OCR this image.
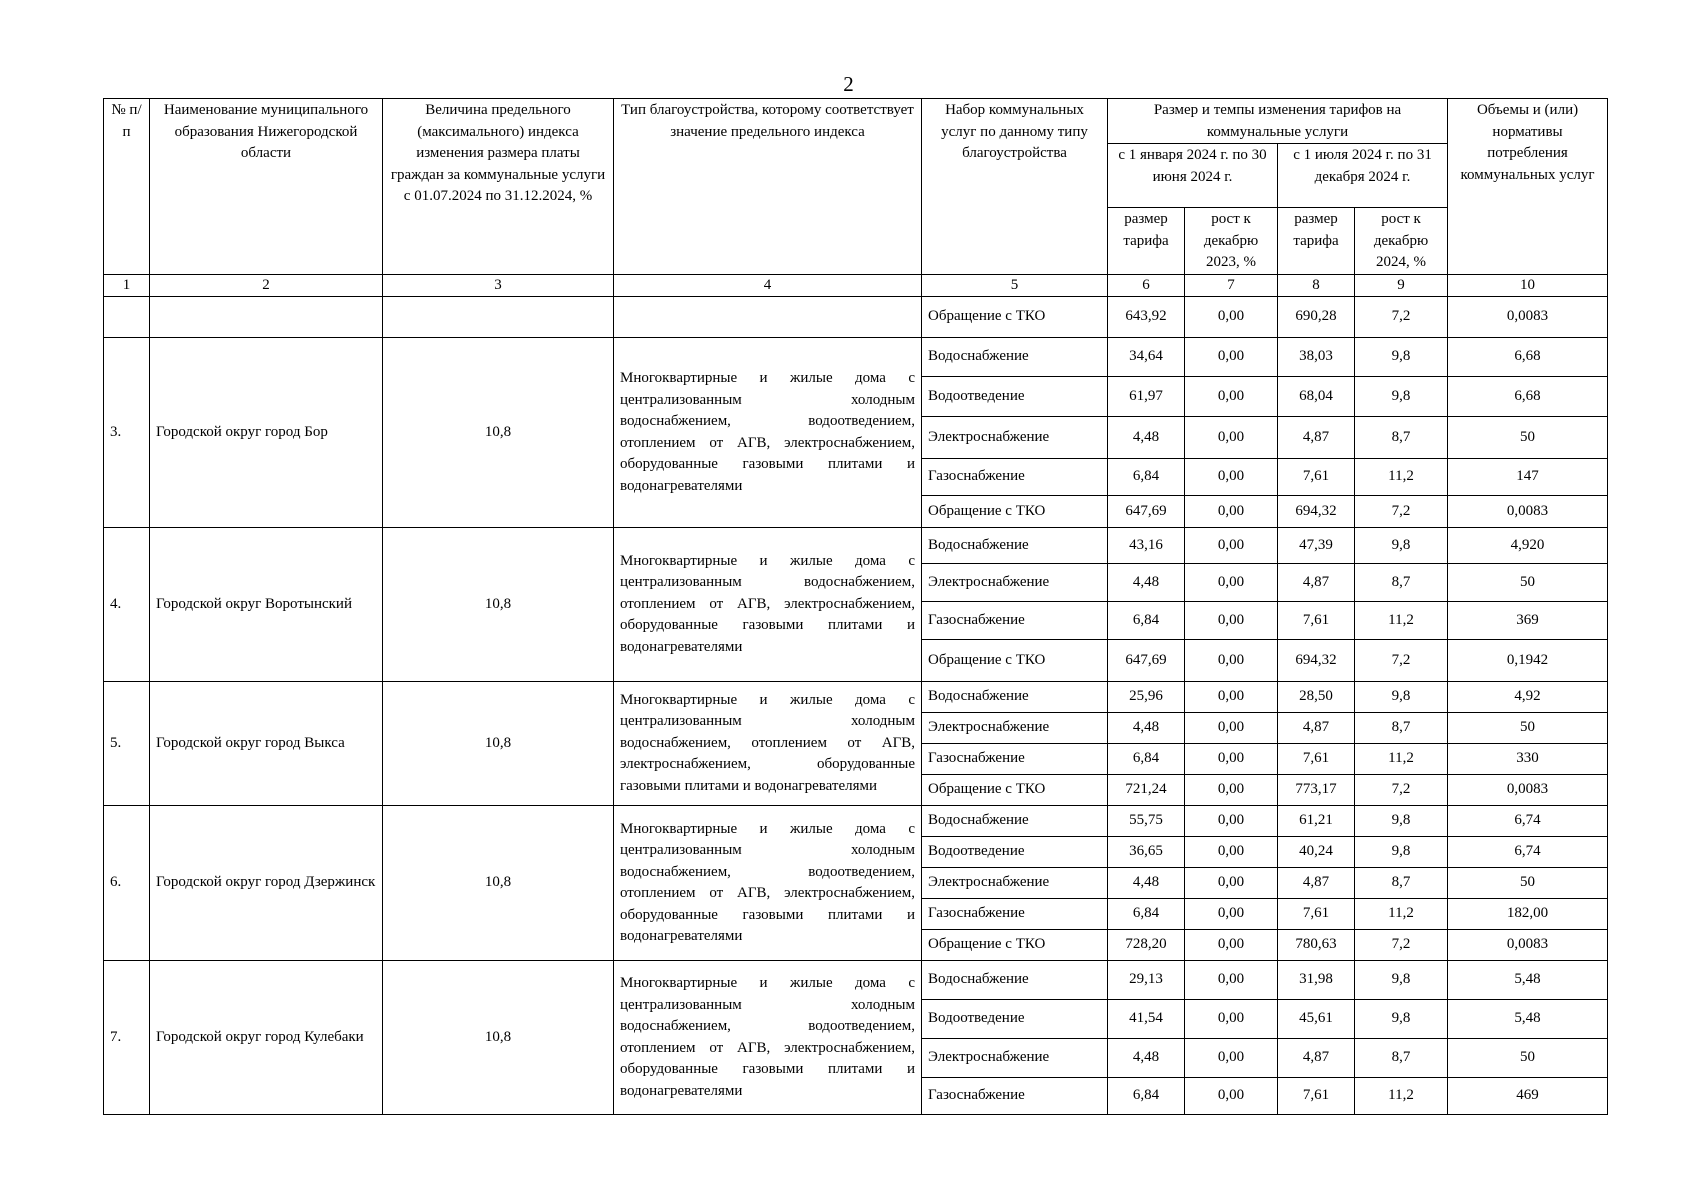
2
№ п/п	Наименование муниципального образования Нижегородской области	Величина предельного (максимального) индекса изменения размера платы граждан за коммунальные услуги с 01.07.2024 по 31.12.2024, %	Тип благоустройства, которому соответствует значение предельного индекса	Набор коммунальных услуг по данному типу благоустройства	Размер и темпы изменения тарифов на коммунальные услуги				Объемы и (или) нормативы потребления коммунальных услуг
					с 1 января 2024 г. по 30 июня 2024 г.		с 1 июля 2024 г. по 31 декабря 2024 г.		
					размер тарифа	рост к декабрю 2023, %	размер тарифа	рост к декабрю 2024, %	
1	2	3	4	5	6	7	8	9	10
				Обращение с ТКО	643,92	0,00	690,28	7,2	0,0083
3.	Городской округ город Бор	10,8	Многоквартирные и жилые дома с централизованным холодным водоснабжением, водоотведением, отоплением от АГВ, электроснабжением, оборудованные газовыми плитами и водонагревателями	Водоснабжение	34,64	0,00	38,03	9,8	6,68
				Водоотведение	61,97	0,00	68,04	9,8	6,68
				Электроснабжение	4,48	0,00	4,87	8,7	50
				Газоснабжение	6,84	0,00	7,61	11,2	147
				Обращение с ТКО	647,69	0,00	694,32	7,2	0,0083
4.	Городской округ Воротынский	10,8	Многоквартирные и жилые дома с централизованным водоснабжением, отоплением от АГВ, электроснабжением, оборудованные газовыми плитами и водонагревателями	Водоснабжение	43,16	0,00	47,39	9,8	4,920
				Электроснабжение	4,48	0,00	4,87	8,7	50
				Газоснабжение	6,84	0,00	7,61	11,2	369
				Обращение с ТКО	647,69	0,00	694,32	7,2	0,1942
5.	Городской округ город Выкса	10,8	Многоквартирные и жилые дома с централизованным холодным водоснабжением, отоплением от АГВ, электроснабжением, оборудованные газовыми плитами и водонагревателями	Водоснабжение	25,96	0,00	28,50	9,8	4,92
				Электроснабжение	4,48	0,00	4,87	8,7	50
				Газоснабжение	6,84	0,00	7,61	11,2	330
				Обращение с ТКО	721,24	0,00	773,17	7,2	0,0083
6.	Городской округ город Дзержинск	10,8	Многоквартирные и жилые дома с централизованным холодным водоснабжением, водоотведением, отоплением от АГВ, электроснабжением, оборудованные газовыми плитами и водонагревателями	Водоснабжение	55,75	0,00	61,21	9,8	6,74
				Водоотведение	36,65	0,00	40,24	9,8	6,74
				Электроснабжение	4,48	0,00	4,87	8,7	50
				Газоснабжение	6,84	0,00	7,61	11,2	182,00
				Обращение с ТКО	728,20	0,00	780,63	7,2	0,0083
7.	Городской округ город Кулебаки	10,8	Многоквартирные и жилые дома с централизованным холодным водоснабжением, водоотведением, отоплением от АГВ, электроснабжением, оборудованные газовыми плитами и водонагревателями	Водоснабжение	29,13	0,00	31,98	9,8	5,48
				Водоотведение	41,54	0,00	45,61	9,8	5,48
				Электроснабжение	4,48	0,00	4,87	8,7	50
				Газоснабжение	6,84	0,00	7,61	11,2	469
